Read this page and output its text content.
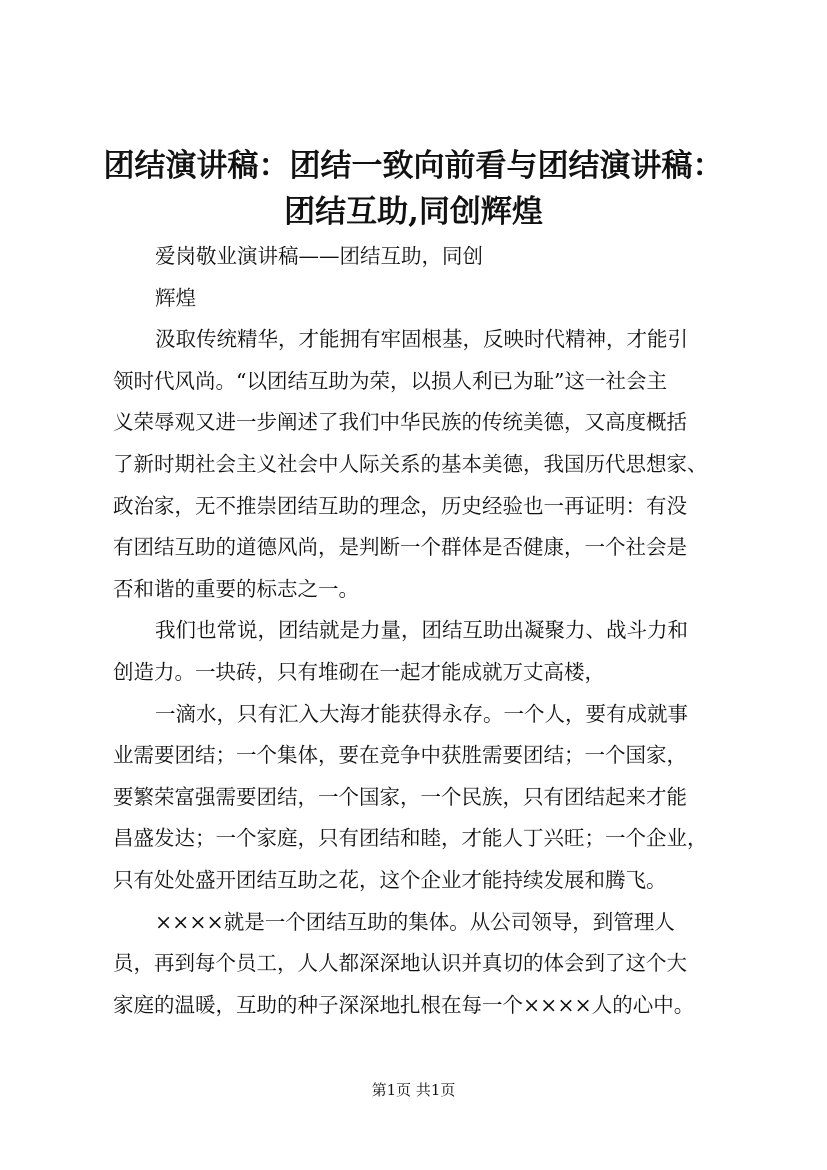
团结演讲稿：团结一致向前看与团结演讲稿：
团结互助,同创辉煌
爱岗敬业演讲稿——团结互助，同创
辉煌
汲取传统精华，才能拥有牢固根基，反映时代精神，才能引
领时代风尚。“以团结互助为荣，以损人利已为耻”这一社会主
义荣辱观又进一步阐述了我们中华民族的传统美德，又高度概括
了新时期社会主义社会中人际关系的基本美德，我国历代思想家、
政治家，无不推崇团结互助的理念，历史经验也一再证明：有没
有团结互助的道德风尚，是判断一个群体是否健康，一个社会是
否和谐的重要的标志之一。
我们也常说，团结就是力量，团结互助出凝聚力、战斗力和
创造力。一块砖，只有堆砌在一起才能成就万丈高楼，
一滴水，只有汇入大海才能获得永存。一个人，要有成就事
业需要团结；一个集体，要在竞争中获胜需要团结；一个国家，
要繁荣富强需要团结，一个国家，一个民族，只有团结起来才能
昌盛发达；一个家庭，只有团结和睦，才能人丁兴旺；一个企业，
只有处处盛开团结互助之花，这个企业才能持续发展和腾飞。
××××就是一个团结互助的集体。从公司领导，到管理人
员，再到每个员工，人人都深深地认识并真切的体会到了这个大
家庭的温暖，互助的种子深深地扎根在每一个××××人的心中。
第1页 共1页
